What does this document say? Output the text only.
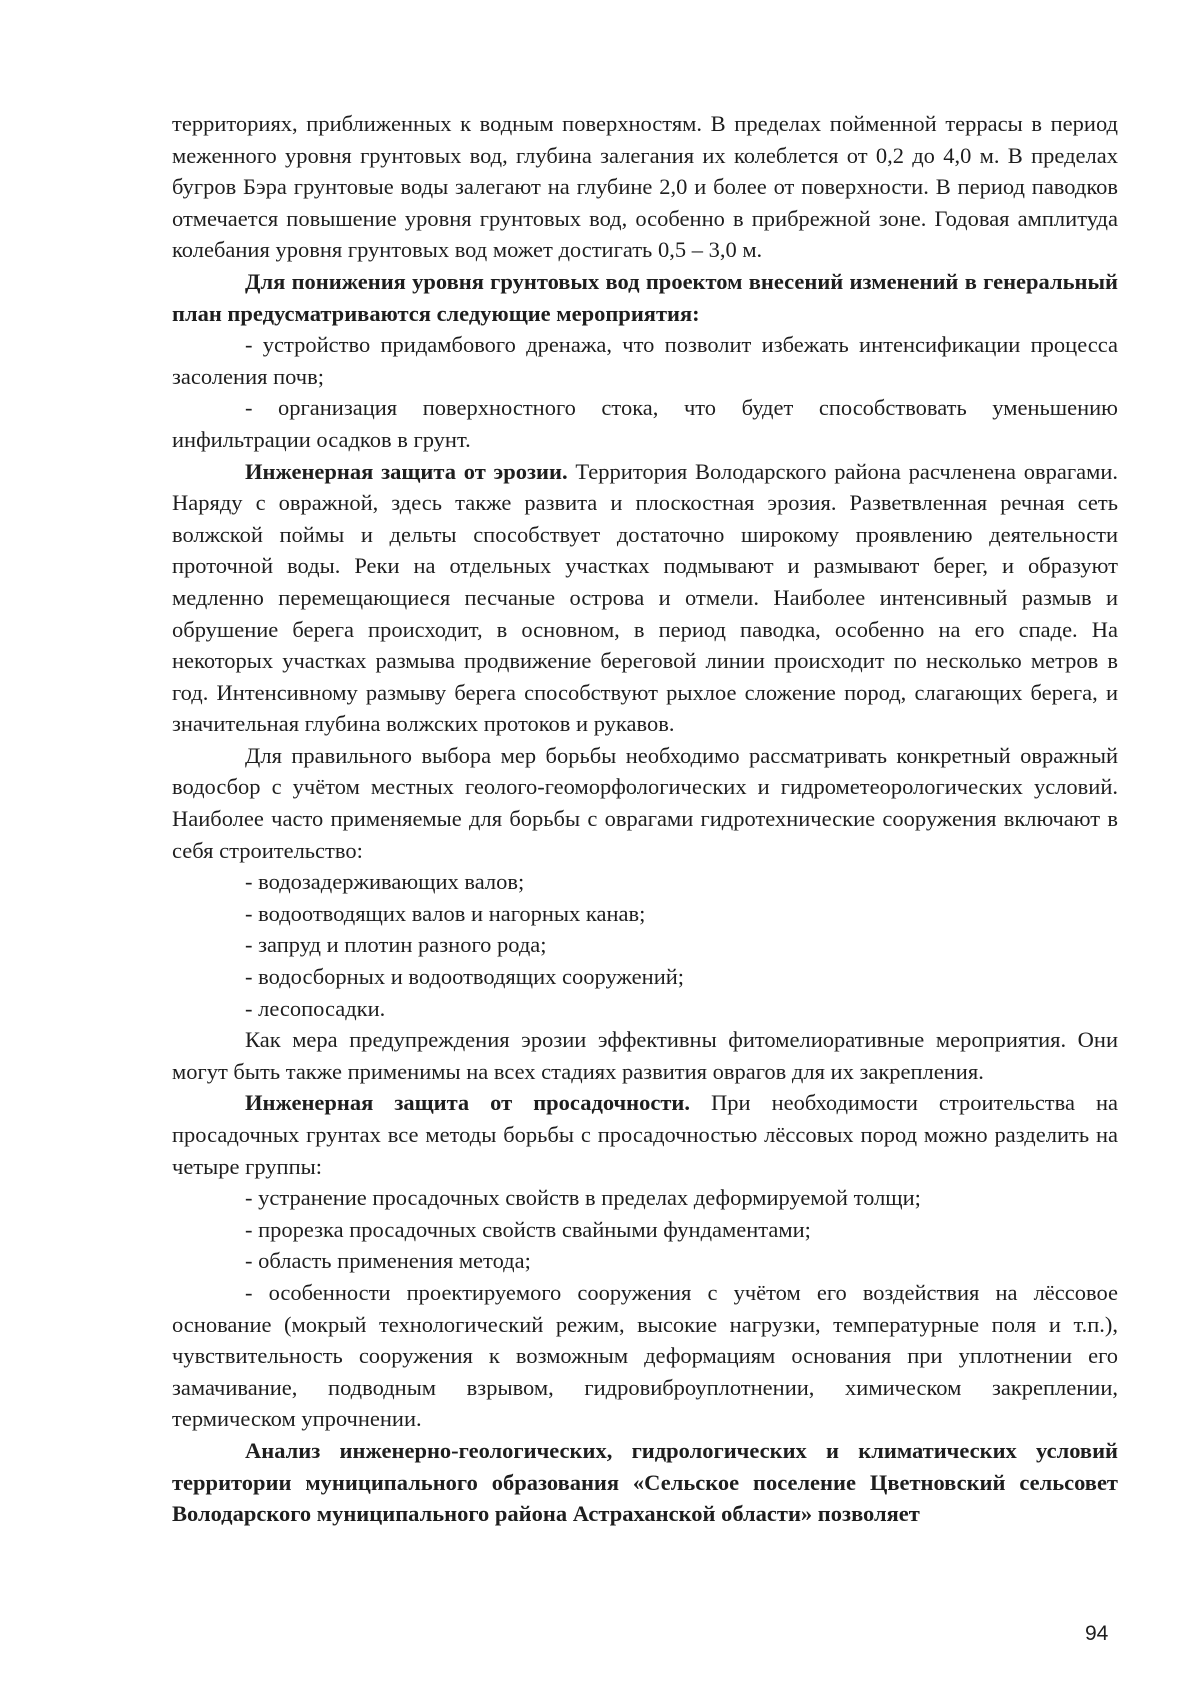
территориях, приближенных к водным поверхностям. В пределах пойменной террасы в период меженного уровня грунтовых вод, глубина залегания их колеблется от 0,2 до 4,0 м. В пределах бугров Бэра грунтовые воды залегают на глубине 2,0 и более от поверхности. В период паводков отмечается повышение уровня грунтовых вод, особенно в прибрежной зоне. Годовая амплитуда колебания уровня грунтовых вод может достигать 0,5 – 3,0 м.

Для понижения уровня грунтовых вод проектом внесений изменений в генеральный план предусматриваются следующие мероприятия:

- устройство придамбового дренажа, что позволит избежать интенсификации процесса засоления почв;

- организация поверхностного стока, что будет способствовать уменьшению инфильтрации осадков в грунт.

Инженерная защита от эрозии. Территория Володарского района расчленена оврагами. Наряду с овражной, здесь также развита и плоскостная эрозия. Разветвленная речная сеть волжской поймы и дельты способствует достаточно широкому проявлению деятельности проточной воды. Реки на отдельных участках подмывают и размывают берег, и образуют медленно перемещающиеся песчаные острова и отмели. Наиболее интенсивный размыв и обрушение берега происходит, в основном, в период паводка, особенно на его спаде. На некоторых участках размыва продвижение береговой линии происходит по несколько метров в год. Интенсивному размыву берега способствуют рыхлое сложение пород, слагающих берега, и значительная глубина волжских протоков и рукавов.

Для правильного выбора мер борьбы необходимо рассматривать конкретный овражный водосбор с учётом местных геолого-геоморфологических и гидрометеорологических условий. Наиболее часто применяемые для борьбы с оврагами гидротехнические сооружения включают в себя строительство:

- водозадерживающих валов;

- водоотводящих валов и нагорных канав;

- запруд и плотин разного рода;

- водосборных и водоотводящих сооружений;

- лесопосадки.

Как мера предупреждения эрозии эффективны фитомелиоративные мероприятия. Они могут быть также применимы на всех стадиях развития оврагов для их закрепления.

Инженерная защита от просадочности. При необходимости строительства на просадочных грунтах все методы борьбы с просадочностью лёссовых пород можно разделить на четыре группы:

- устранение просадочных свойств в пределах деформируемой толщи;

- прорезка просадочных свойств свайными фундаментами;

- область применения метода;

- особенности проектируемого сооружения с учётом его воздействия на лёссовое основание (мокрый технологический режим, высокие нагрузки, температурные поля и т.п.), чувствительность сооружения к возможным деформациям основания при уплотнении его замачивание, подводным взрывом, гидровиброуплотнении, химическом закреплении, термическом упрочнении.

Анализ инженерно-геологических, гидрологических и климатических условий территории муниципального образования «Сельское поселение Цветновский сельсовет Володарского муниципального района Астраханской области» позволяет

94
